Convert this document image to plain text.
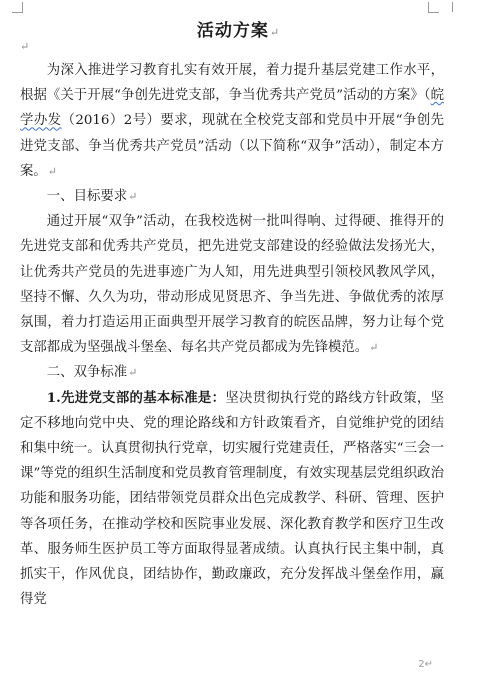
活动方案↵
↵

为深入推进学习教育扎实有效开展，着力提升基层党建工作水平，根据《关于开展“争创先进党支部，争当优秀共产党员”活动的方案》（皖学办发（2016）2号）要求，现就在全校党支部和党员中开展“争创先进党支部、争当优秀共产党员”活动（以下简称“双争”活动），制定本方案。↵

一、目标要求↵

通过开展“双争”活动，在我校选树一批叫得响、过得硬、推得开的先进党支部和优秀共产党员，把先进党支部建设的经验做法发扬光大，让优秀共产党员的先进事迹广为人知，用先进典型引领校风教风学风，坚持不懈、久久为功，带动形成见贤思齐、争当先进、争做优秀的浓厚氛围，着力打造运用正面典型开展学习教育的皖医品牌，努力让每个党支部都成为坚强战斗堡垒、每名共产党员都成为先锋模范。↵

二、双争标准↵

1.先进党支部的基本标准是：坚决贯彻执行党的路线方针政策，坚定不移地向党中央、党的理论路线和方针政策看齐，自觉维护党的团结和集中统一。认真贯彻执行党章，切实履行党建责任，严格落实“三会一课”等党的组织生活制度和党员教育管理制度，有效实现基层党组织政治功能和服务功能，团结带领党员群众出色完成教学、科研、管理、医护等各项任务，在推动学校和医院事业发展、深化教育教学和医疗卫生改革、服务师生医护员工等方面取得显著成绩。认真执行民主集中制，真抓实干，作风优良，团结协作，勤政廉政，充分发挥战斗堡垒作用，赢得党

2↵
